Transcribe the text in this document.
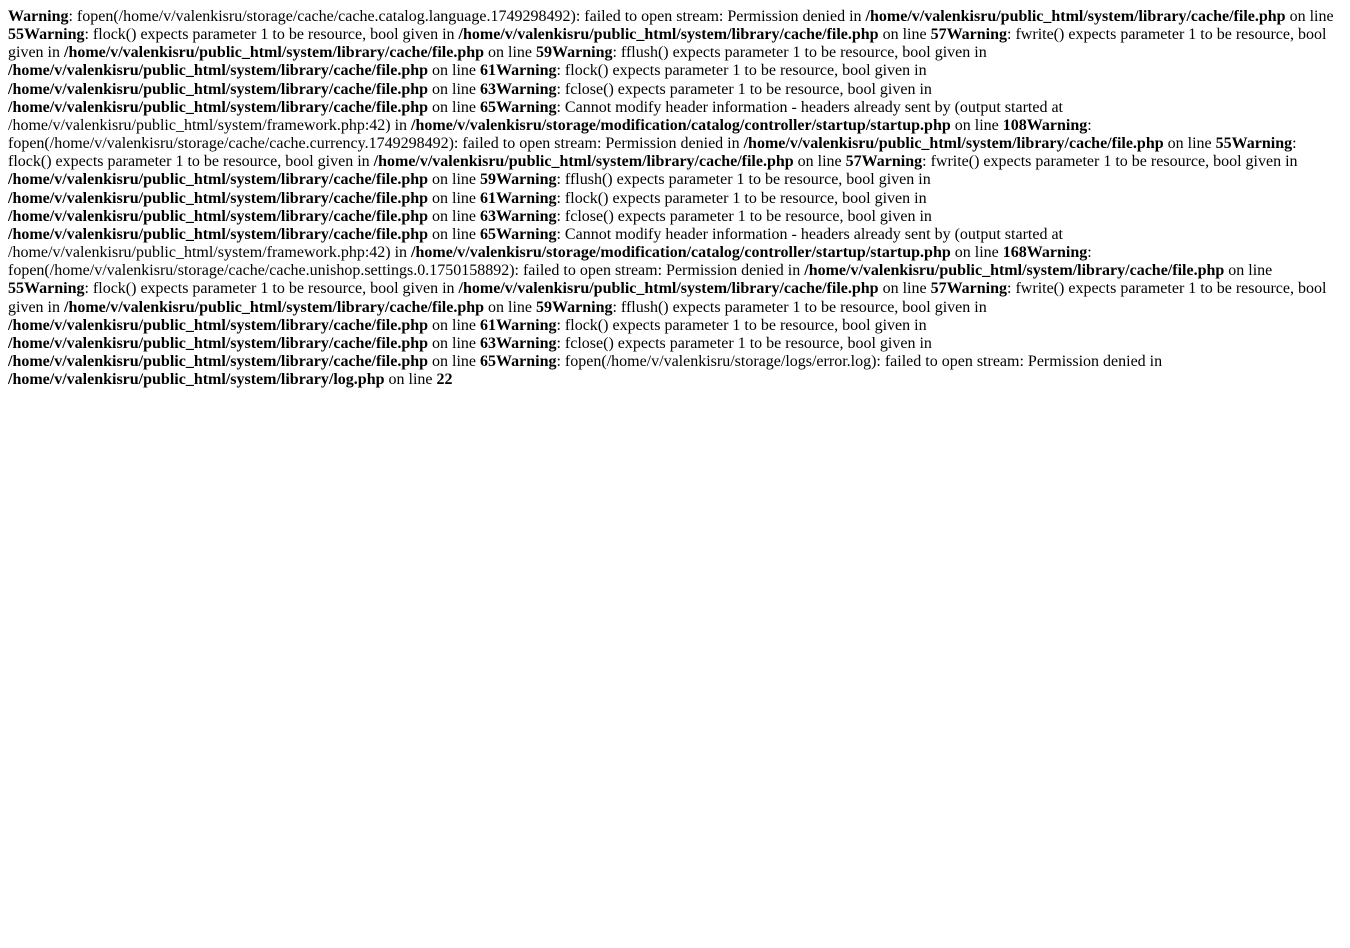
Warning: fopen(/home/v/valenkisru/storage/cache/cache.catalog.language.1749298492): failed to open stream: Permission denied in /home/v/valenkisru/public_html/system/library/cache/file.php on line 55Warning: flock() expects parameter 1 to be resource, bool given in /home/v/valenkisru/public_html/system/library/cache/file.php on line 57Warning: fwrite() expects parameter 1 to be resource, bool given in /home/v/valenkisru/public_html/system/library/cache/file.php on line 59Warning: fflush() expects parameter 1 to be resource, bool given in /home/v/valenkisru/public_html/system/library/cache/file.php on line 61Warning: flock() expects parameter 1 to be resource, bool given in /home/v/valenkisru/public_html/system/library/cache/file.php on line 63Warning: fclose() expects parameter 1 to be resource, bool given in /home/v/valenkisru/public_html/system/library/cache/file.php on line 65Warning: Cannot modify header information - headers already sent by (output started at /home/v/valenkisru/public_html/system/framework.php:42) in /home/v/valenkisru/storage/modification/catalog/controller/startup/startup.php on line 108Warning: fopen(/home/v/valenkisru/storage/cache/cache.currency.1749298492): failed to open stream: Permission denied in /home/v/valenkisru/public_html/system/library/cache/file.php on line 55Warning: flock() expects parameter 1 to be resource, bool given in /home/v/valenkisru/public_html/system/library/cache/file.php on line 57Warning: fwrite() expects parameter 1 to be resource, bool given in /home/v/valenkisru/public_html/system/library/cache/file.php on line 59Warning: fflush() expects parameter 1 to be resource, bool given in /home/v/valenkisru/public_html/system/library/cache/file.php on line 61Warning: flock() expects parameter 1 to be resource, bool given in /home/v/valenkisru/public_html/system/library/cache/file.php on line 63Warning: fclose() expects parameter 1 to be resource, bool given in /home/v/valenkisru/public_html/system/library/cache/file.php on line 65Warning: Cannot modify header information - headers already sent by (output started at /home/v/valenkisru/public_html/system/framework.php:42) in /home/v/valenkisru/storage/modification/catalog/controller/startup/startup.php on line 168Warning: fopen(/home/v/valenkisru/storage/cache/cache.unishop.settings.0.1750158892): failed to open stream: Permission denied in /home/v/valenkisru/public_html/system/library/cache/file.php on line 55Warning: flock() expects parameter 1 to be resource, bool given in /home/v/valenkisru/public_html/system/library/cache/file.php on line 57Warning: fwrite() expects parameter 1 to be resource, bool given in /home/v/valenkisru/public_html/system/library/cache/file.php on line 59Warning: fflush() expects parameter 1 to be resource, bool given in /home/v/valenkisru/public_html/system/library/cache/file.php on line 61Warning: flock() expects parameter 1 to be resource, bool given in /home/v/valenkisru/public_html/system/library/cache/file.php on line 63Warning: fclose() expects parameter 1 to be resource, bool given in /home/v/valenkisru/public_html/system/library/cache/file.php on line 65Warning: fopen(/home/v/valenkisru/storage/logs/error.log): failed to open stream: Permission denied in /home/v/valenkisru/public_html/system/library/log.php on line 22
